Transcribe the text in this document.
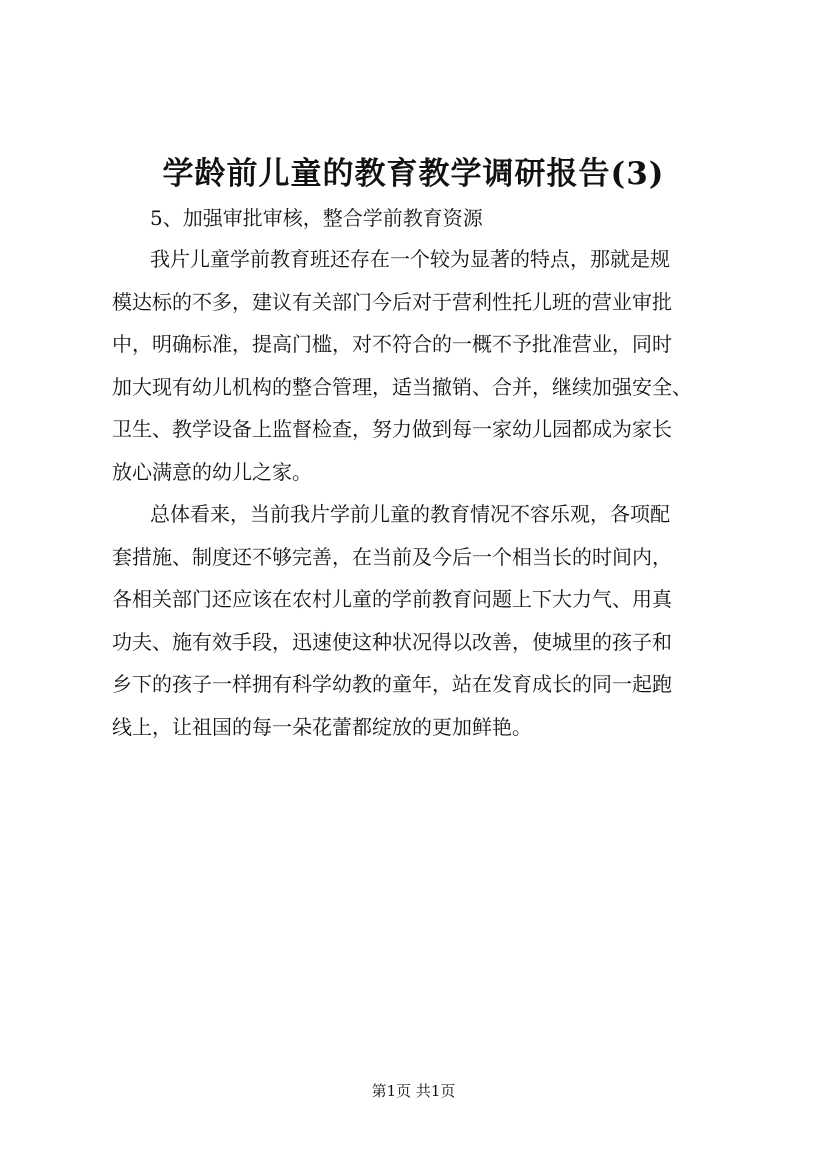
学龄前儿童的教育教学调研报告(3)
5、加强审批审核，整合学前教育资源
我片儿童学前教育班还存在一个较为显著的特点，那就是规
模达标的不多，建议有关部门今后对于营利性托儿班的营业审批
中，明确标准，提高门槛，对不符合的一概不予批准营业，同时
加大现有幼儿机构的整合管理，适当撤销、合并，继续加强安全、
卫生、教学设备上监督检查，努力做到每一家幼儿园都成为家长
放心满意的幼儿之家。
总体看来，当前我片学前儿童的教育情况不容乐观，各项配
套措施、制度还不够完善，在当前及今后一个相当长的时间内，
各相关部门还应该在农村儿童的学前教育问题上下大力气、用真
功夫、施有效手段，迅速使这种状况得以改善，使城里的孩子和
乡下的孩子一样拥有科学幼教的童年，站在发育成长的同一起跑
线上，让祖国的每一朵花蕾都绽放的更加鲜艳。
第1页 共1页
